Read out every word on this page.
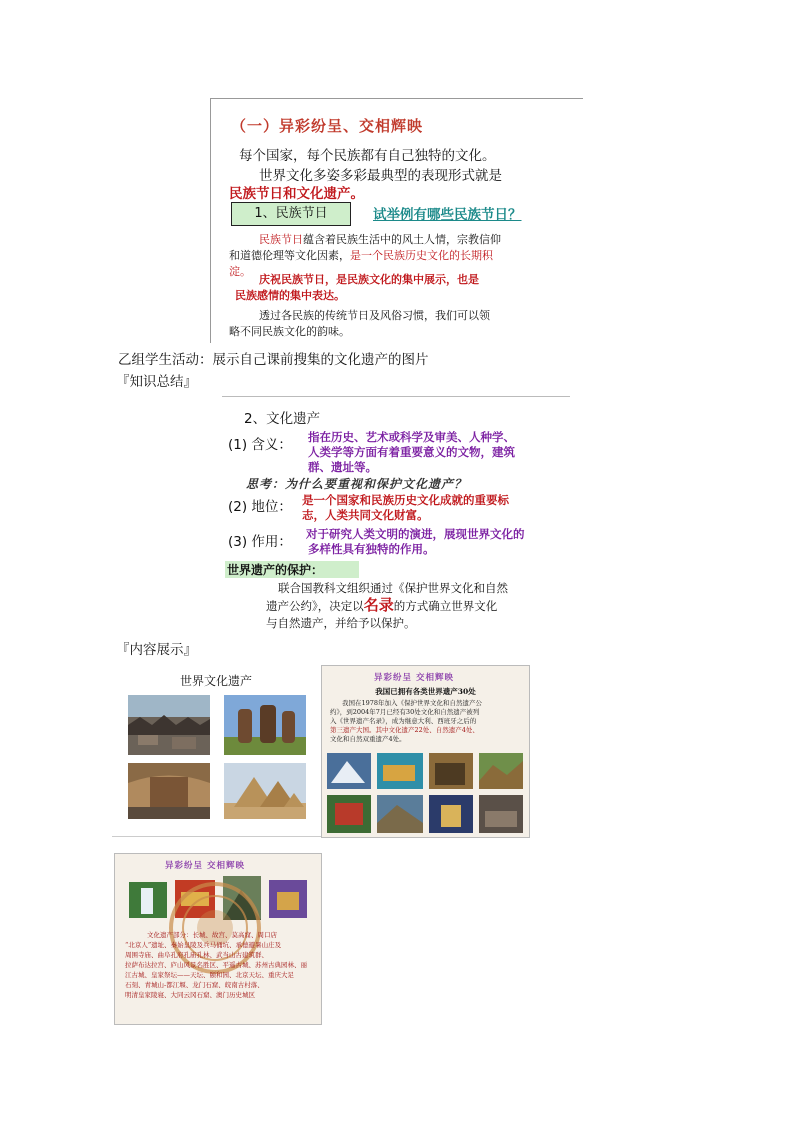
（一）异彩纷呈、交相辉映
每个国家，每个民族都有自己独特的文化。
世界文化多姿多彩最典型的表现形式就是
民族节日和文化遗产。
1、民族节日	试举例有哪些民族节日？
民族节日蕴含着民族生活中的风土人情，宗教信仰
和道德伦理等文化因素，是一个民族历史文化的长期积
淀。
庆祝民族节日，是民族文化的集中展示，也是
民族感情的集中表达。
透过各民族的传统节日及风俗习惯，我们可以领
略不同民族文化的韵味。
乙组学生活动：展示自己课前搜集的文化遗产的图片
『知识总结』
2、文化遗产
(1) 含义： 指在历史、艺术或科学及审美、人种学、
人类学等方面有着重要意义的文物，建筑
群、遗址等。
思考：为什么要重视和保护文化遗产？
(2) 地位： 是一个国家和民族历史文化成就的重要标
志，人类共同文化财富。
(3) 作用： 对于研究人类文明的演进，展现世界文化的
多样性具有独特的作用。
世界遗产的保护：
联合国教科文组织通过《保护世界文化和自然
遗产公约》，决定以名录的方式确立世界文化
与自然遗产，并给予以保护。
『内容展示』
世界文化遗产	异彩纷呈 交相辉映
我国已拥有各类世界遗产30处
我国在1978年加入《保护世界文化和自然遗产公
约》，到2004年7月已经有30处文化和自然遗产被列
入《世界遗产名录》，成为继意大利、西班牙之后的
第三遗产大国。其中文化遗产22处、自然遗产4处、
文化和自然双重遗产4处。
异彩纷呈 交相辉映
文化遗产部分：长城、故宫、莫高窟、周口店
“北京人”遗址、秦始皇陵及兵马俑坑、承德避暑山庄及
周围寺庙、曲阜孔府孔庙孔林、武当山古建筑群、
拉萨布达拉宫、庐山风景名胜区、平遥古城、苏州古典园林、丽
江古城、皇家祭坛——天坛、颐和园、北京天坛、重庆大足
石刻、青城山-都江堰、龙门石窟、皖南古村落、
明清皇家陵寝、大同云冈石窟、澳门历史城区
